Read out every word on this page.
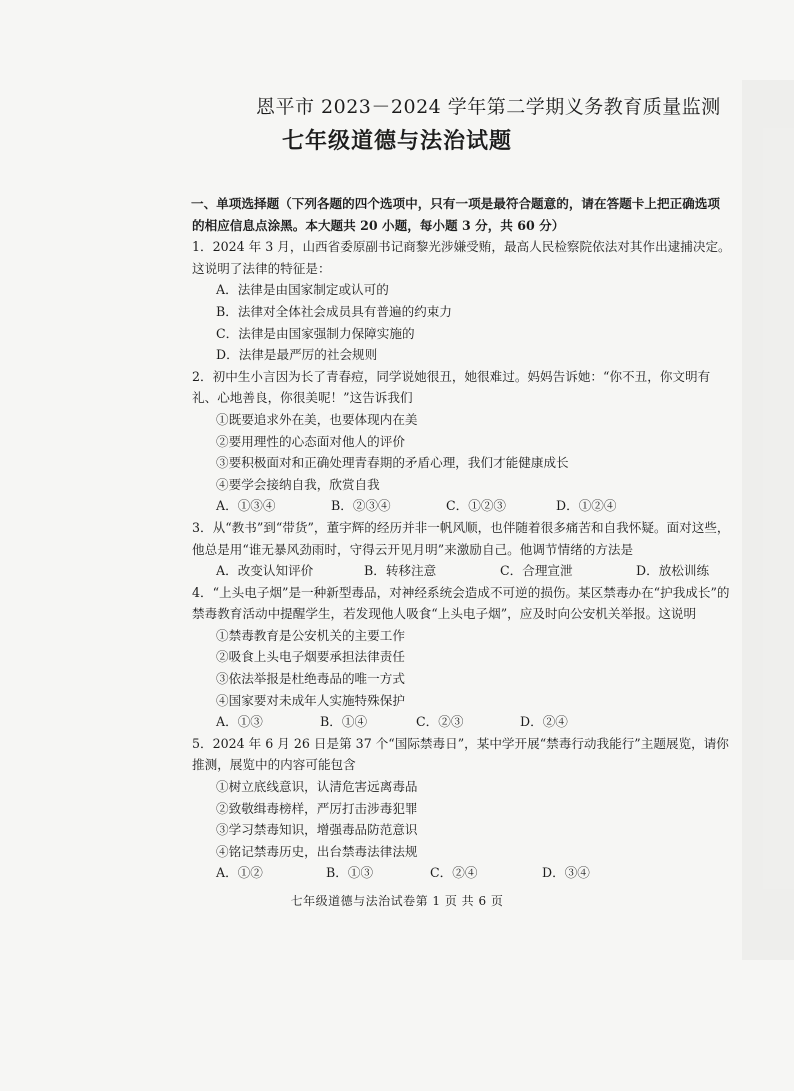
恩平市 2023－2024 学年第二学期义务教育质量监测
七年级道德与法治试题
一、单项选择题（下列各题的四个选项中，只有一项是最符合题意的，请在答题卡上把正确选项的相应信息点涂黑。本大题共 20 小题，每小题 3 分，共 60 分）
1．2024 年 3 月，山西省委原副书记商黎光涉嫌受贿，最高人民检察院依法对其作出逮捕决定。这说明了法律的特征是：
A．法律是由国家制定或认可的
B．法律对全体社会成员具有普遍的约束力
C．法律是由国家强制力保障实施的
D．法律是最严厉的社会规则
2．初中生小言因为长了青春痘，同学说她很丑，她很难过。妈妈告诉她：“你不丑，你文明有礼、心地善良，你很美呢！”这告诉我们
①既要追求外在美，也要体现内在美
②要用理性的心态面对他人的评价
③要积极面对和正确处理青春期的矛盾心理，我们才能健康成长
④要学会接纳自我，欣赏自我
A．①③④	B．②③④	C．①②③	D．①②④
3．从“教书”到“带货”，董宇辉的经历并非一帆风顺，也伴随着很多痛苦和自我怀疑。面对这些，他总是用“谁无暴风劲雨时，守得云开见月明”来激励自己。他调节情绪的方法是
A．改变认知评价	B．转移注意	C．合理宣泄	D．放松训练
4．“上头电子烟”是一种新型毒品，对神经系统会造成不可逆的损伤。某区禁毒办在“护我成长”的禁毒教育活动中提醒学生，若发现他人吸食“上头电子烟”，应及时向公安机关举报。这说明
①禁毒教育是公安机关的主要工作
②吸食上头电子烟要承担法律责任
③依法举报是杜绝毒品的唯一方式
④国家要对未成年人实施特殊保护
A．①③	B．①④	C．②③	D．②④
5．2024 年 6 月 26 日是第 37 个“国际禁毒日”，某中学开展“禁毒行动我能行”主题展览，请你推测，展览中的内容可能包含
①树立底线意识，认清危害远离毒品
②致敬缉毒榜样，严厉打击涉毒犯罪
③学习禁毒知识，增强毒品防范意识
④铭记禁毒历史，出台禁毒法律法规
A．①②	B．①③	C．②④	D．③④
七年级道德与法治试卷第 1 页 共 6 页
